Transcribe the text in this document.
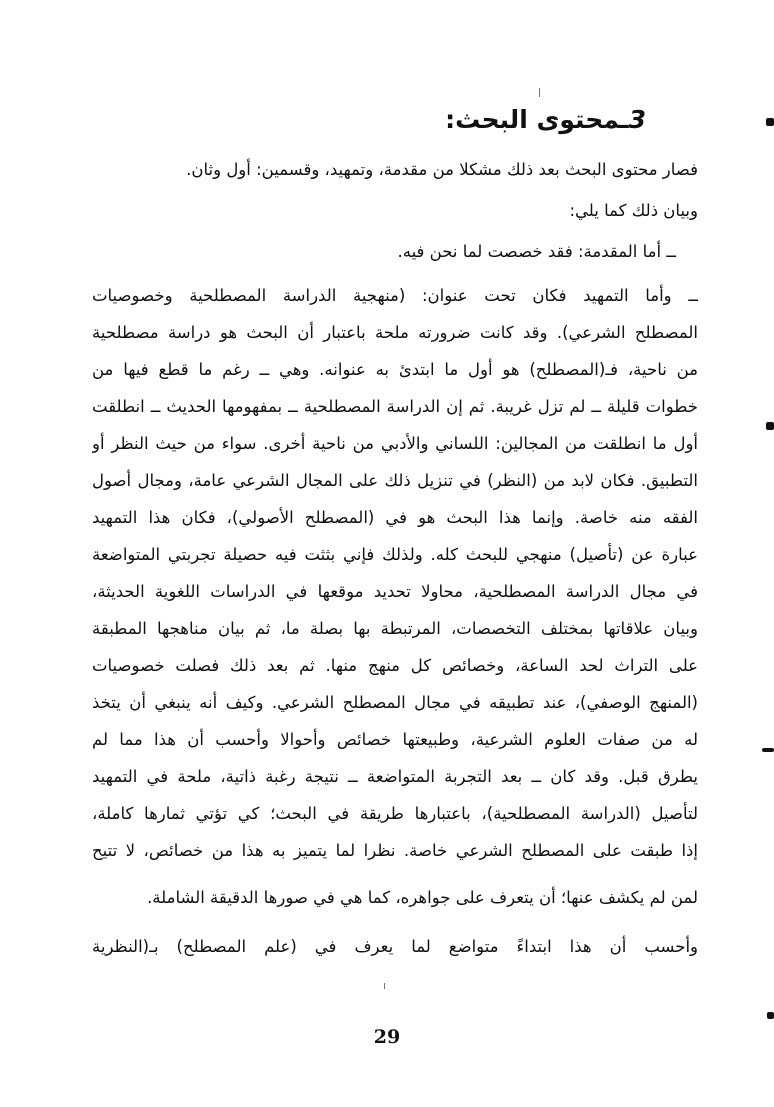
3ـمحتوى البحث:
فصار محتوى البحث بعد ذلك مشكلا من مقدمة، وتمهيد، وقسمين: أول وثان.
وبيان ذلك كما يلي:
ــ أما المقدمة: فقد خصصت لما نحن فيه.
ــ وأما التمهيد فكان تحت عنوان: (منهجية الدراسة المصطلحية وخصوصيات
المصطلح الشرعي). وقد كانت ضرورته ملحة باعتبار أن البحث هو دراسة مصطلحية
من ناحية، فـ(المصطلح) هو أول ما ابتدئ به عنوانه. وهي ــ رغم ما قطع فيها من
خطوات قليلة ــ لم تزل غريبة. ثم إن الدراسة المصطلحية ــ بمفهومها الحديث ــ انطلقت
أول ما انطلقت من المجالين: اللساني والأدبي من ناحية أخرى. سواء من حيث النظر أو
التطبيق. فكان لابد من (النظر) في تنزيل ذلك على المجال الشرعي عامة، ومجال أصول
الفقه منه خاصة. وإنما هذا البحث هو في (المصطلح الأصولي)، فكان هذا التمهيد
عبارة عن (تأصيل) منهجي للبحث كله. ولذلك فإني بثثت فيه حصيلة تجربتي المتواضعة
في مجال الدراسة المصطلحية، محاولا تحديد موقعها في الدراسات اللغوية الحديثة،
وبيان علاقاتها بمختلف التخصصات، المرتبطة بها بصلة ما، ثم بيان مناهجها المطبقة
على التراث لحد الساعة، وخصائص كل منهج منها. ثم بعد ذلك فصلت خصوصيات
(المنهج الوصفي)، عند تطبيقه في مجال المصطلح الشرعي. وكيف أنه ينبغي أن يتخذ
له من صفات العلوم الشرعية، وطبيعتها خصائص وأحوالا وأحسب أن هذا مما لم
يطرق قبل. وقد كان ــ بعد التجربة المتواضعة ــ نتيجة رغبة ذاتية، ملحة في التمهيد
لتأصيل (الدراسة المصطلحية)، باعتبارها طريقة في البحث؛ كي تؤتي ثمارها كاملة،
إذا طبقت على المصطلح الشرعي خاصة. نظرا لما يتميز به هذا من خصائص، لا تتيح
لمن لم يكشف عنها؛ أن يتعرف على جواهره، كما هي في صورها الدقيقة الشاملة.
وأحسب أن هذا ابتداءً متواضع لما يعرف في (علم المصطلح) بـ(النظرية
29
